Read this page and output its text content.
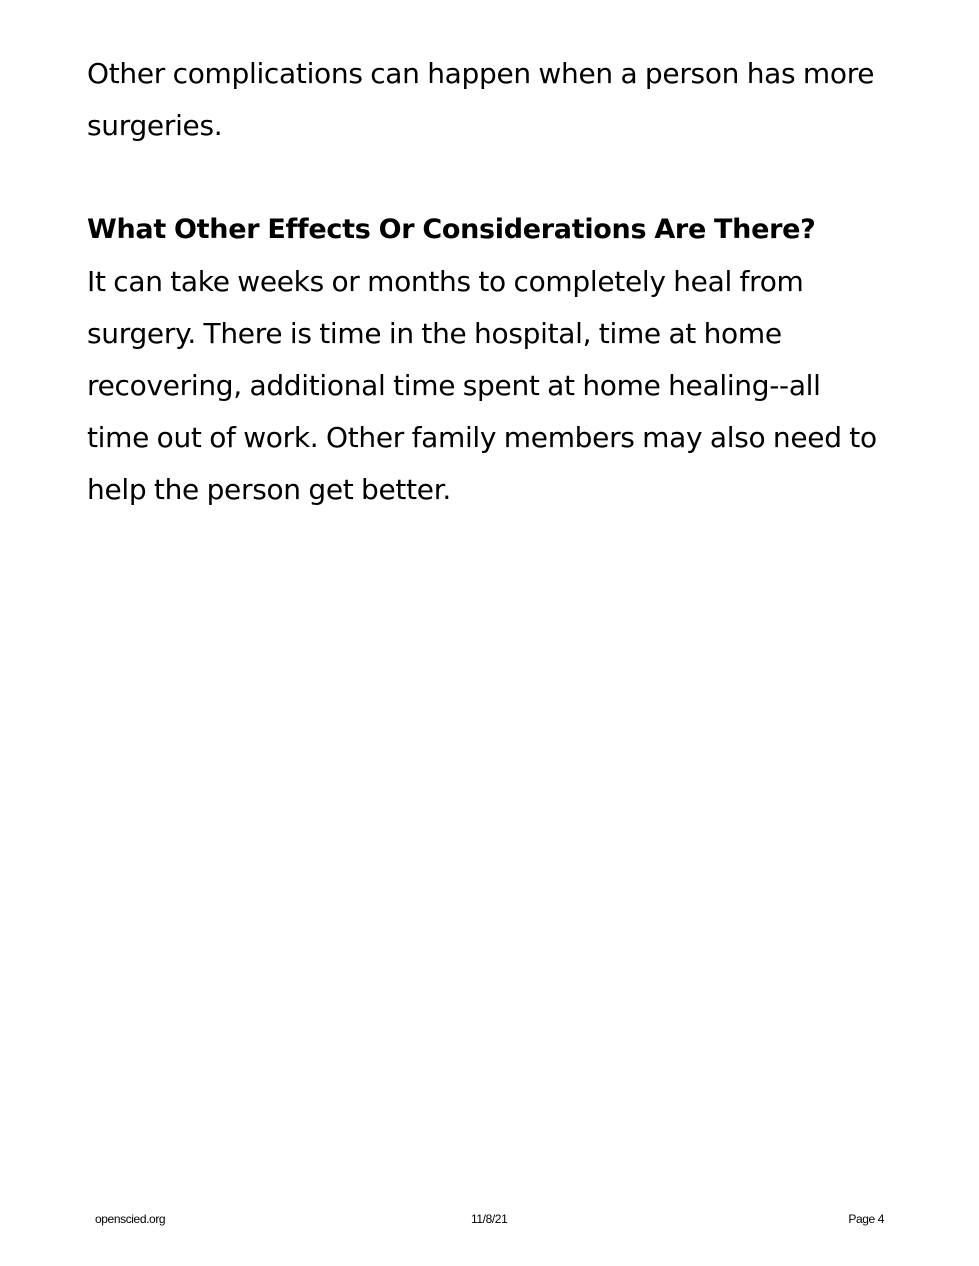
Other complications can happen when a person has more
surgeries.

What Other Effects Or Considerations Are There?

It can take weeks or months to completely heal from
surgery. There is time in the hospital, time at home
recovering, additional time spent at home healing--all
time out of work. Other family members may also need to
help the person get better.

openscied.org	11/8/21	Page 4
